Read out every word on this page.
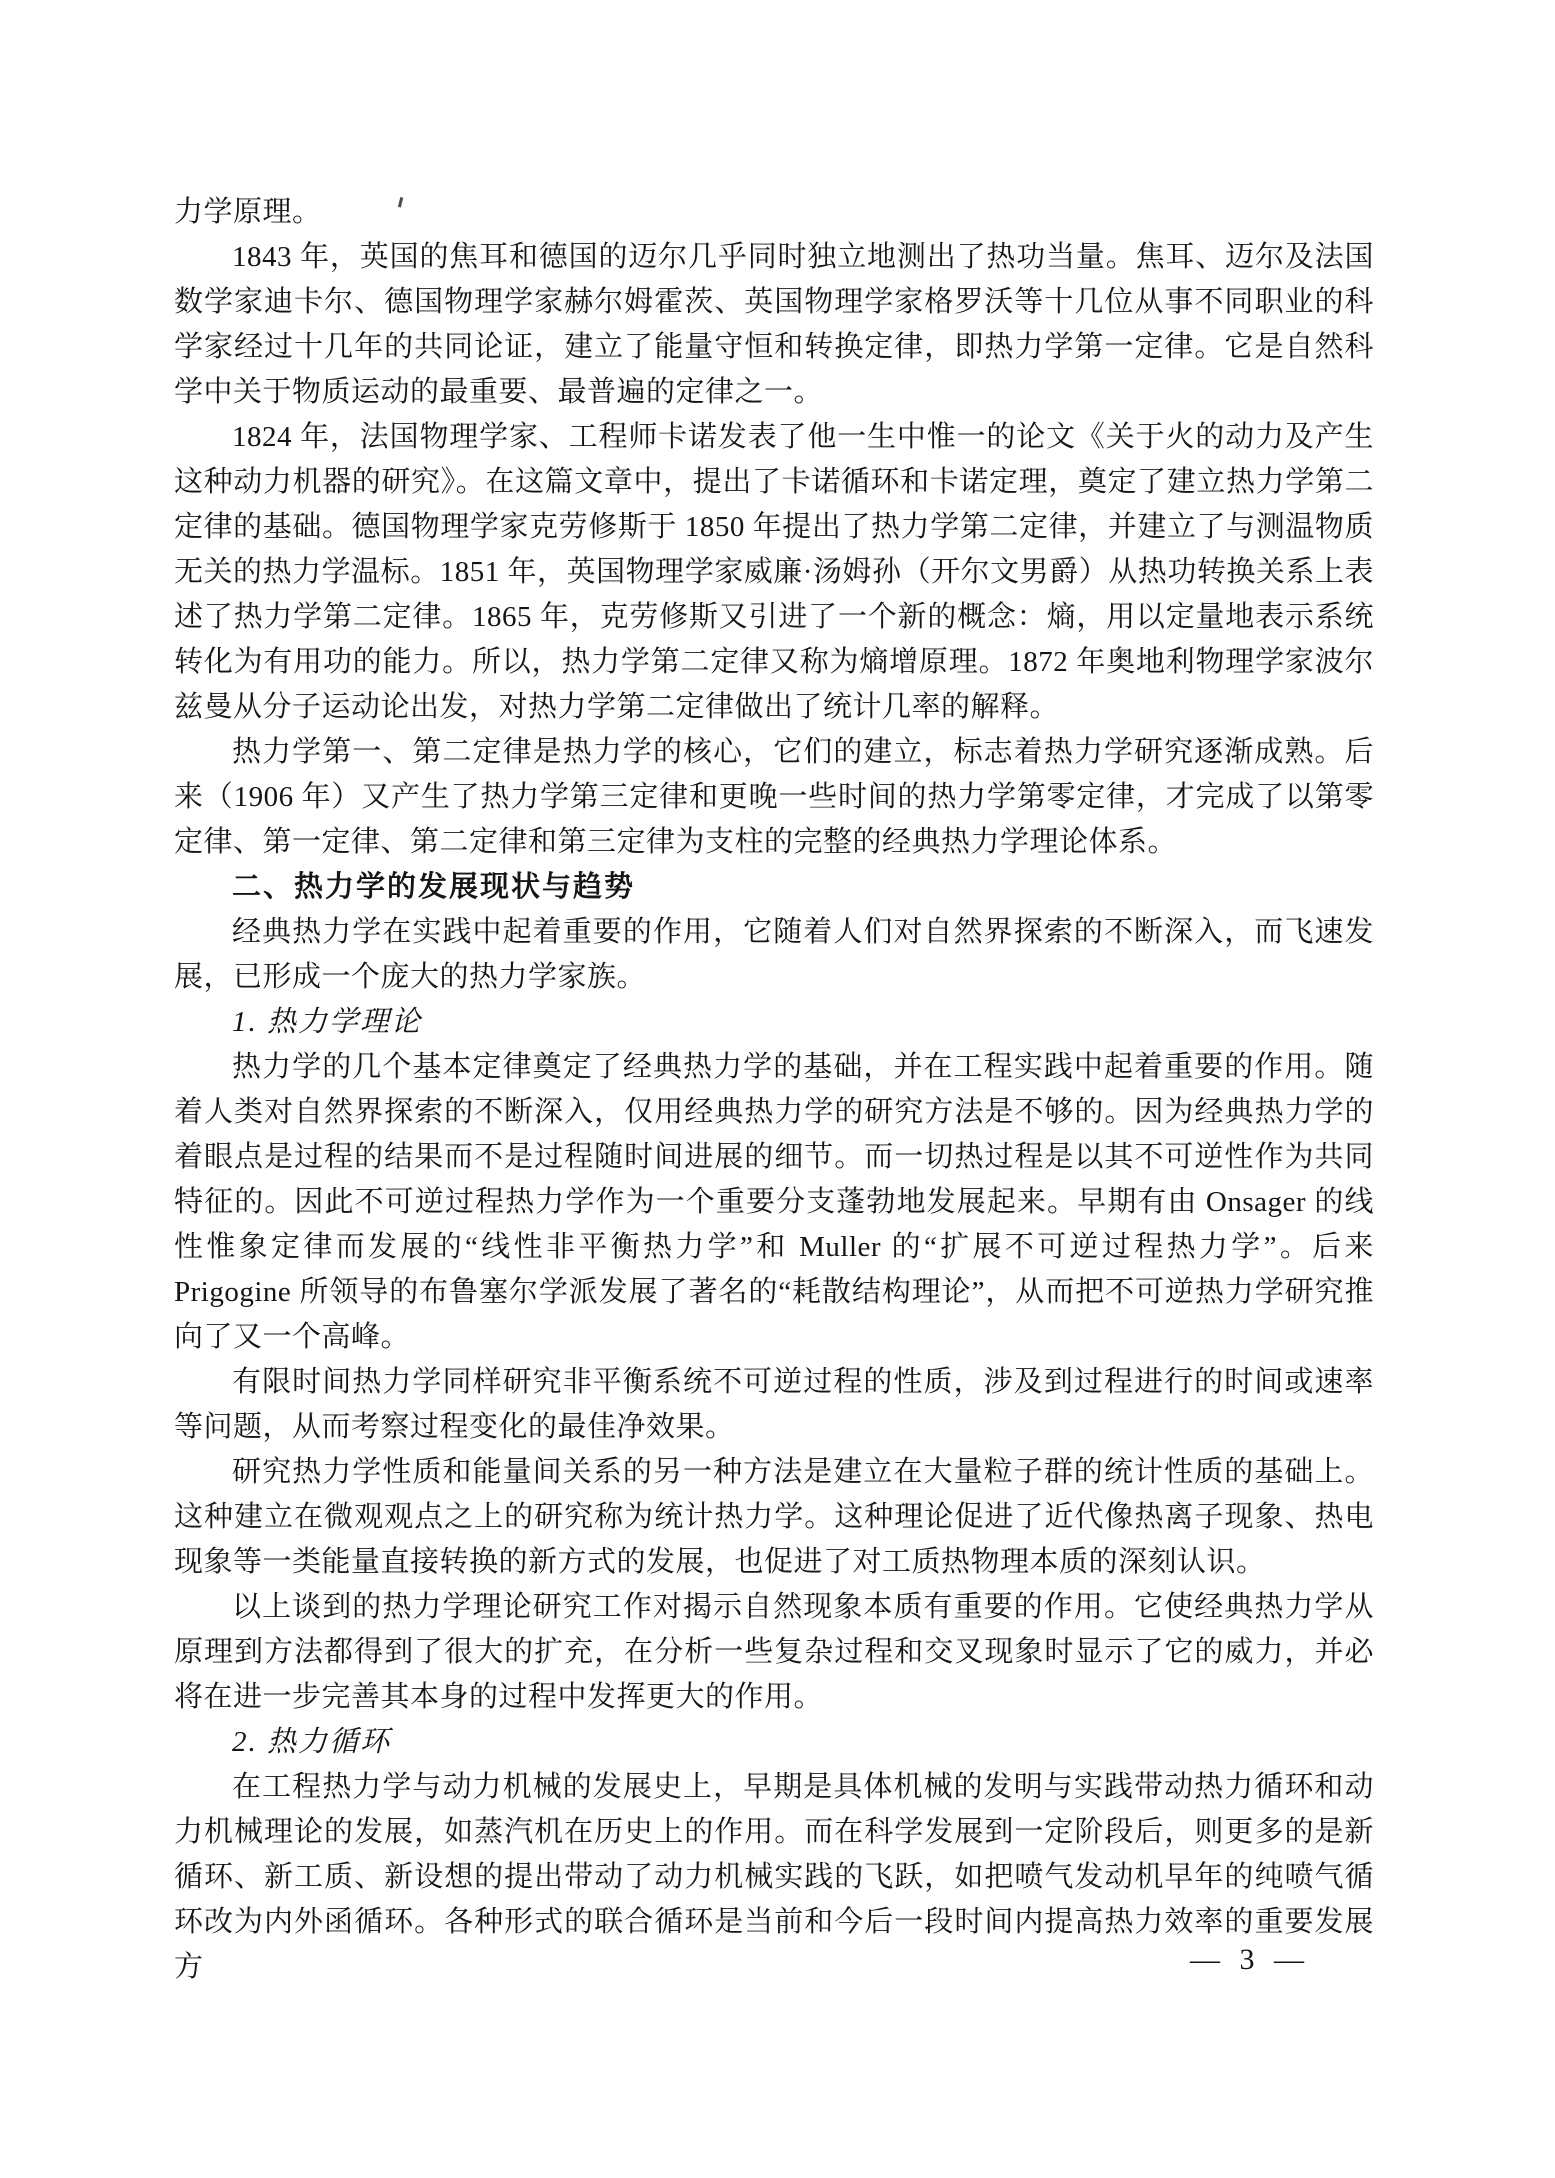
力学原理。

1843 年，英国的焦耳和德国的迈尔几乎同时独立地测出了热功当量。焦耳、迈尔及法国数学家迪卡尔、德国物理学家赫尔姆霍茨、英国物理学家格罗沃等十几位从事不同职业的科学家经过十几年的共同论证，建立了能量守恒和转换定律，即热力学第一定律。它是自然科学中关于物质运动的最重要、最普遍的定律之一。

1824 年，法国物理学家、工程师卡诺发表了他一生中惟一的论文《关于火的动力及产生这种动力机器的研究》。在这篇文章中，提出了卡诺循环和卡诺定理，奠定了建立热力学第二定律的基础。德国物理学家克劳修斯于 1850 年提出了热力学第二定律，并建立了与测温物质无关的热力学温标。1851 年，英国物理学家威廉·汤姆孙（开尔文男爵）从热功转换关系上表述了热力学第二定律。1865 年，克劳修斯又引进了一个新的概念：熵，用以定量地表示系统转化为有用功的能力。所以，热力学第二定律又称为熵增原理。1872 年奥地利物理学家波尔兹曼从分子运动论出发，对热力学第二定律做出了统计几率的解释。

热力学第一、第二定律是热力学的核心，它们的建立，标志着热力学研究逐渐成熟。后来（1906 年）又产生了热力学第三定律和更晚一些时间的热力学第零定律，才完成了以第零定律、第一定律、第二定律和第三定律为支柱的完整的经典热力学理论体系。

二、热力学的发展现状与趋势

经典热力学在实践中起着重要的作用，它随着人们对自然界探索的不断深入，而飞速发展，已形成一个庞大的热力学家族。

1. 热力学理论

热力学的几个基本定律奠定了经典热力学的基础，并在工程实践中起着重要的作用。随着人类对自然界探索的不断深入，仅用经典热力学的研究方法是不够的。因为经典热力学的着眼点是过程的结果而不是过程随时间进展的细节。而一切热过程是以其不可逆性作为共同特征的。因此不可逆过程热力学作为一个重要分支蓬勃地发展起来。早期有由 Onsager 的线性惟象定律而发展的“线性非平衡热力学”和 Muller 的“扩展不可逆过程热力学”。后来 Prigogine 所领导的布鲁塞尔学派发展了著名的“耗散结构理论”，从而把不可逆热力学研究推向了又一个高峰。

有限时间热力学同样研究非平衡系统不可逆过程的性质，涉及到过程进行的时间或速率等问题，从而考察过程变化的最佳净效果。

研究热力学性质和能量间关系的另一种方法是建立在大量粒子群的统计性质的基础上。这种建立在微观观点之上的研究称为统计热力学。这种理论促进了近代像热离子现象、热电现象等一类能量直接转换的新方式的发展，也促进了对工质热物理本质的深刻认识。

以上谈到的热力学理论研究工作对揭示自然现象本质有重要的作用。它使经典热力学从原理到方法都得到了很大的扩充，在分析一些复杂过程和交叉现象时显示了它的威力，并必将在进一步完善其本身的过程中发挥更大的作用。

2. 热力循环

在工程热力学与动力机械的发展史上，早期是具体机械的发明与实践带动热力循环和动力机械理论的发展，如蒸汽机在历史上的作用。而在科学发展到一定阶段后，则更多的是新循环、新工质、新设想的提出带动了动力机械实践的飞跃，如把喷气发动机早年的纯喷气循环改为内外函循环。各种形式的联合循环是当前和今后一段时间内提高热力效率的重要发展方	— 3 —
